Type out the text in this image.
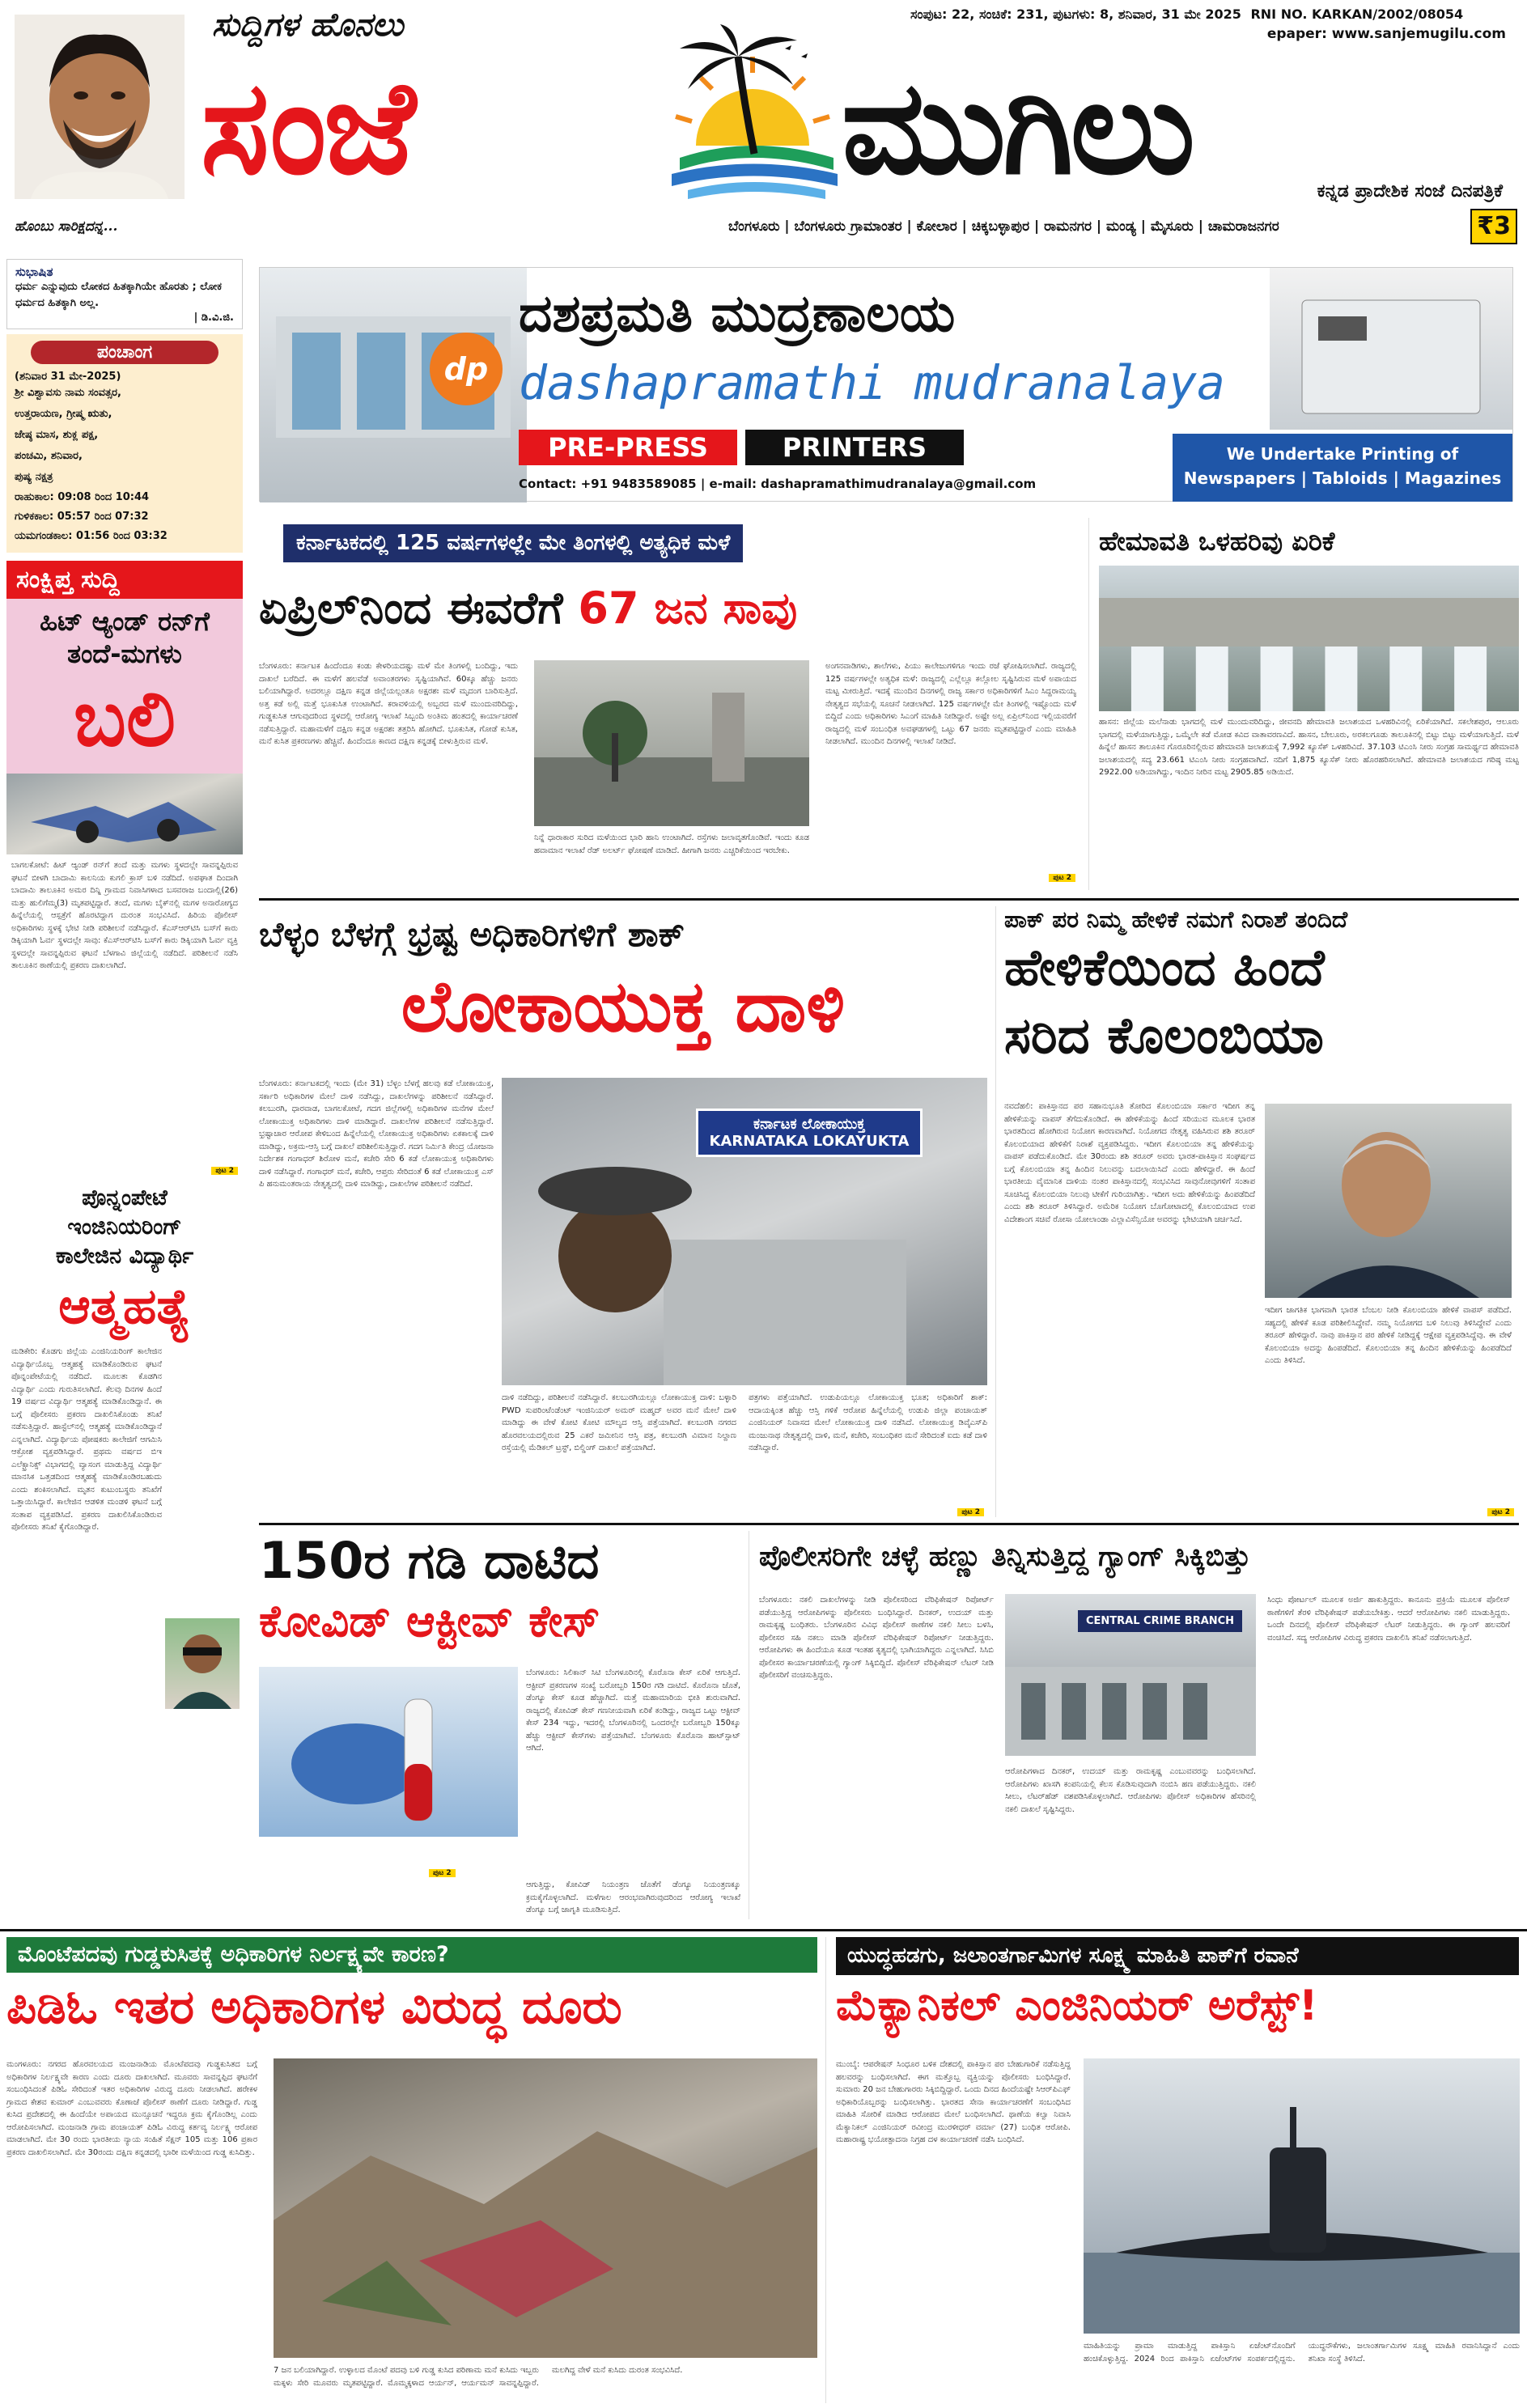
ಹೊಂಬು ಸಾರಿಕ್ಷದನ್ನ...
ಸುದ್ದಿಗಳ ಹೊನಲು
ಸಂಜೆ	ಮುಗಿಲು
ಸಂಪುಟ: 22, ಸಂಚಿಕೆ: 231, ಪುಟಗಳು: 8, ಶನಿವಾರ, 31 ಮೇ 2025 RNI NO. KARKAN/2002/08054
epaper: www.sanjemugilu.com
ಕನ್ನಡ ಪ್ರಾದೇಶಿಕ ಸಂಜೆ ದಿನಪತ್ರಿಕೆ
ಬೆಂಗಳೂರು | ಬೆಂಗಳೂರು ಗ್ರಾಮಾಂತರ | ಕೋಲಾರ | ಚಿಕ್ಕಬಳ್ಳಾಪುರ | ರಾಮನಗರ | ಮಂಡ್ಯ | ಮೈಸೂರು | ಚಾಮರಾಜನಗರ	₹3
ಸುಭಾಷಿತ
ಧರ್ಮ ಎನ್ನುವುದು ಲೋಕದ ಹಿತಕ್ಕಾಗಿಯೇ ಹೊರತು ; ಲೋಕ ಧರ್ಮದ ಹಿತಕ್ಕಾಗಿ ಅಲ್ಲ.
| ಡಿ.ವಿ.ಜಿ.
ಪಂಚಾಂಗ
(ಶನಿವಾರ 31 ಮೇ-2025)
ಶ್ರೀ ವಿಶ್ವಾವಸು ನಾಮ ಸಂವತ್ಸರ,
ಉತ್ತರಾಯಣ, ಗ್ರೀಷ್ಮ ಋತು,
ಜೇಷ್ಠ ಮಾಸ, ಶುಕ್ಲ ಪಕ್ಷ,
ಪಂಚಮಿ, ಶನಿವಾರ,
ಪುಷ್ಯ ನಕ್ಷತ್ರ
ರಾಹುಕಾಲ: 09:08 ರಿಂದ 10:44
ಗುಳಿಕಕಾಲ: 05:57 ರಿಂದ 07:32
ಯಮಗಂಡಕಾಲ: 01:56 ರಿಂದ 03:32
ಸಂಕ್ಷಿಪ್ತ ಸುದ್ದಿ
ಹಿಟ್ ಆ್ಯಂಡ್ ರನ್‌ಗೆ
ತಂದೆ-ಮಗಳು
ಬಲಿ
ಬಾಗಲಕೋಟೆ: ಹಿಟ್ ಆ್ಯಂಡ್ ರನ್‌ಗೆ ತಂದೆ ಮತ್ತು ಮಗಳು ಸ್ಥಳದಲ್ಲೇ ಸಾವನ್ನಪ್ಪಿರುವ ಘಟನೆ ಬೀಳಗಿ ಬಾದಾಮಿ ಕಾಲನಿಯ ಕುಗಲಿ ಕ್ರಾಸ್ ಬಳಿ ನಡೆದಿದೆ. ಅಪಘಾತ ದಿಂದಾಗಿ ಬಾದಾಮಿ ತಾಲೂಕಿನ ಅಮರ ದಿನ್ನಿ ಗ್ರಾಮದ ನಿವಾಸಿಗಳಾದ ಬಸವರಾಜ ಬಂದಾಲ್ಲಿ(26) ಮತ್ತು ಹುಲಿಗೆಮ್ಮ(3) ಮೃತಪಟ್ಟಿದ್ದಾರೆ. ತಂದೆ, ಮಗಳು ಬೈಕ್‌ನಲ್ಲಿ ಮಗಳ ಅನಾರೋಗ್ಯದ ಹಿನ್ನೆಲೆಯಲ್ಲಿ ಆಸ್ಪತ್ರೆಗೆ ಹೊರಟಿದ್ದಾಗ ದುರಂತ ಸಂಭವಿಸಿದೆ. ಹಿರಿಯ ಪೊಲೀಸ್ ಅಧಿಕಾರಿಗಳು ಸ್ಥಳಕ್ಕೆ ಭೇಟಿ ನೀಡಿ ಪರಿಶೀಲನೆ ನಡೆಸಿದ್ದಾರೆ. ಕೆಎಸ್‌ಆರ್‌ಟಿಸಿ ಬಸ್‌ಗೆ ಕಾರು ಡಿಕ್ಕಿಯಾಗಿ ಓರ್ವ ಸ್ಥಳದಲ್ಲೇ ಸಾವು: ಕೆಎಸ್‌ಆರ್‌ಟಿಸಿ ಬಸ್‌ಗೆ ಕಾರು ಡಿಕ್ಕಿಯಾಗಿ ಓರ್ವ ವ್ಯಕ್ತಿ ಸ್ಥಳದಲ್ಲೇ ಸಾವನ್ನಪ್ಪಿರುವ ಘಟನೆ ಬೆಳಗಾವಿ ಜಿಲ್ಲೆಯಲ್ಲಿ ನಡೆದಿದೆ. ಪರಿಶೀಲನೆ ನಡೆಸಿ ತಾಲೂಕಿನ ಠಾಣೆಯಲ್ಲಿ ಪ್ರಕರಣ ದಾಖಲಾಗಿದೆ.
ಪುಟ 2
ಪೊನ್ನಂಪೇಟೆ
ಇಂಜಿನಿಯರಿಂಗ್
ಕಾಲೇಜಿನ ವಿದ್ಯಾರ್ಥಿ
ಆತ್ಮಹತ್ಯೆ
ಮಡಿಕೇರಿ: ಕೊಡಗು ಜಿಲ್ಲೆಯ ಎಂಜಿನಿಯರಿಂಗ್ ಕಾಲೇಜಿನ ವಿದ್ಯಾರ್ಥಿಯೊಬ್ಬ ಆತ್ಮಹತ್ಯೆ ಮಾಡಿಕೊಂಡಿರುವ ಘಟನೆ ಪೊನ್ನಂಪೇಟೆಯಲ್ಲಿ ನಡೆದಿದೆ. ಮೂಲತಃ ಕೊಡಗಿನ ವಿದ್ಯಾರ್ಥಿ ಎಂದು ಗುರುತಿಸಲಾಗಿದೆ. ಕೆಲವು ದಿನಗಳ ಹಿಂದೆ 19 ವರ್ಷದ ವಿದ್ಯಾರ್ಥಿ ಆತ್ಮಹತ್ಯೆ ಮಾಡಿಕೊಂಡಿದ್ದಾನೆ. ಈ ಬಗ್ಗೆ ಪೊಲೀಸರು ಪ್ರಕರಣ ದಾಖಲಿಸಿಕೊಂಡು ತನಿಖೆ ನಡೆಸುತ್ತಿದ್ದಾರೆ. ಹಾಸ್ಟೆಲ್‌ನಲ್ಲಿ ಆತ್ಮಹತ್ಯೆ ಮಾಡಿಕೊಂಡಿದ್ದಾನೆ ಎನ್ನಲಾಗಿದೆ. ವಿದ್ಯಾರ್ಥಿಯ ಪೋಷಕರು ಕಾಲೇಜಿಗೆ ಆಗಮಿಸಿ ಆಕ್ರೋಶ ವ್ಯಕ್ತಪಡಿಸಿದ್ದಾರೆ. ಪ್ರಥಮ ವರ್ಷದ ಬಿಇ ಎಲೆಕ್ಟ್ರಾನಿಕ್ಸ್ ವಿಭಾಗದಲ್ಲಿ ವ್ಯಾಸಂಗ ಮಾಡುತ್ತಿದ್ದ ವಿದ್ಯಾರ್ಥಿ ಮಾನಸಿಕ ಒತ್ತಡದಿಂದ ಆತ್ಮಹತ್ಯೆ ಮಾಡಿಕೊಂಡಿರಬಹುದು ಎಂದು ಶಂಕಿಸಲಾಗಿದೆ. ಮೃತನ ಕುಟುಂಬಸ್ಥರು ತನಿಖೆಗೆ ಒತ್ತಾಯಿಸಿದ್ದಾರೆ. ಕಾಲೇಜಿನ ಆಡಳಿತ ಮಂಡಳಿ ಘಟನೆ ಬಗ್ಗೆ ಸಂತಾಪ ವ್ಯಕ್ತಪಡಿಸಿದೆ. ಪ್ರಕರಣ ದಾಖಲಿಸಿಕೊಂಡಿರುವ ಪೊಲೀಸರು ತನಿಖೆ ಕೈಗೊಂಡಿದ್ದಾರೆ.
dp
ದಶಪ್ರಮತಿ ಮುದ್ರಣಾಲಯ
dashapramathi mudranalaya
PRE-PRESS	PRINTERS
Contact: +91 9483589085 | e-mail: dashapramathimudranalaya@gmail.com
We Undertake Printing of
Newspapers | Tabloids | Magazines
ಕರ್ನಾಟಕದಲ್ಲಿ 125 ವರ್ಷಗಳಲ್ಲೇ ಮೇ ತಿಂಗಳಲ್ಲಿ ಅತ್ಯಧಿಕ ಮಳೆ
ಏಪ್ರಿಲ್‌ನಿಂದ ಈವರೆಗೆ 67 ಜನ ಸಾವು
ಬೆಂಗಳೂರು: ಕರ್ನಾಟಕ ಹಿಂದೆಂದೂ ಕಂಡು ಕೇಳರಿಯದಷ್ಟು ಮಳೆ ಮೇ ತಿಂಗಳಲ್ಲಿ ಬಂದಿದ್ದು, ಇದು ದಾಖಲೆ ಬರೆದಿದೆ. ಈ ಮಳೆಗೆ ಹಲವೆಡೆ ಅವಾಂತರಗಳು ಸೃಷ್ಟಿಯಾಗಿವೆ. 60ಕ್ಕೂ ಹೆಚ್ಚು ಜನರು ಬಲಿಯಾಗಿದ್ದಾರೆ. ಅದರಲ್ಲೂ ದಕ್ಷಿಣ ಕನ್ನಡ ಜಿಲ್ಲೆಯಲ್ಲಂತೂ ಅಕ್ಷರಶಃ ಮಳೆ ಮೃದಂಗ ಬಾರಿಸುತ್ತಿದೆ. ಅತ್ತ ಕಡೆ ಅಲ್ಲಿ ಮತ್ತೆ ಭೂಕುಸಿತ ಉಂಟಾಗಿದೆ. ಕರಾವಳಿಯಲ್ಲಿ ಅಬ್ಬರದ ಮಳೆ ಮುಂದುವರಿದಿದ್ದು, ಗುಡ್ಡಕುಸಿತ ಆಗುವುದರಿಂದ ಸ್ಥಳದಲ್ಲಿ ಆರೋಗ್ಯ ಇಲಾಖೆ ಸಿಬ್ಬಂದಿ ಅಂತಿಮ ಹಂತದಲ್ಲಿ ಕಾರ್ಯಾಚರಣೆ ನಡೆಸುತ್ತಿದ್ದಾರೆ. ಮಹಾಮಳೆಗೆ ದಕ್ಷಿಣ ಕನ್ನಡ ಅಕ್ಷರಶಃ ತತ್ತರಿಸಿ ಹೋಗಿದೆ. ಭೂಕುಸಿತ, ಗೋಡೆ ಕುಸಿತ, ಮನೆ ಕುಸಿತ ಪ್ರಕರಣಗಳು ಹೆಚ್ಚಿವೆ. ಹಿಂದೆಂದೂ ಕಾಣದ ದಕ್ಷಿಣ ಕನ್ನಡಕ್ಕೆ ಬೀಳುತ್ತಿರುವ ಮಳೆ.
ನಿನ್ನೆ ಧಾರಾಕಾರ ಸುರಿದ ಮಳೆಯಿಂದ ಭಾರಿ ಹಾನಿ ಉಂಟಾಗಿದೆ. ರಸ್ತೆಗಳು ಜಲಾವೃತಗೊಂಡಿವೆ. ಇಂದು ಕೂಡ ಹವಾಮಾನ ಇಲಾಖೆ ರೆಡ್ ಅಲರ್ಟ್ ಘೋಷಣೆ ಮಾಡಿದೆ. ಹೀಗಾಗಿ ಜನರು ಎಚ್ಚರಿಕೆಯಿಂದ ಇರಬೇಕು.
ಅಂಗನವಾಡಿಗಳು, ಶಾಲೆಗಳು, ಪಿಯು ಕಾಲೇಜುಗಳಿಗೂ ಇಂದು ರಜೆ ಘೋಷಿಸಲಾಗಿದೆ. ರಾಜ್ಯದಲ್ಲಿ 125 ವರ್ಷಗಳಲ್ಲೇ ಅತ್ಯಧಿಕ ಮಳೆ: ರಾಜ್ಯದಲ್ಲಿ ಎಲ್ಲೆಲ್ಲೂ ಕಲ್ಲೋಲ ಸೃಷ್ಟಿಸಿರುವ ಮಳೆ ಅಪಾಯದ ಮಟ್ಟ ಮೀರುತ್ತಿದೆ. ಇದಕ್ಕೆ ಮುಂದಿನ ದಿನಗಳಲ್ಲಿ ರಾಜ್ಯ ಸರ್ಕಾರ ಅಧಿಕಾರಿಗಳಿಗೆ ಸಿಎಂ ಸಿದ್ದರಾಮಯ್ಯ ನೇತೃತ್ವದ ಸಭೆಯಲ್ಲಿ ಸೂಚನೆ ನೀಡಲಾಗಿದೆ. 125 ವರ್ಷಗಳಲ್ಲೇ ಮೇ ತಿಂಗಳಲ್ಲಿ ಇಷ್ಟೊಂದು ಮಳೆ ಬಿದ್ದಿದೆ ಎಂದು ಅಧಿಕಾರಿಗಳು ಸಿಎಂಗೆ ಮಾಹಿತಿ ನೀಡಿದ್ದಾರೆ. ಅಷ್ಟೇ ಅಲ್ಲ ಏಪ್ರಿಲ್‌ನಿಂದ ಇಲ್ಲಿಯವರೆಗೆ ರಾಜ್ಯದಲ್ಲಿ ಮಳೆ ಸಂಬಂಧಿತ ಅವಘಡಗಳಲ್ಲಿ ಒಟ್ಟು 67 ಜನರು ಮೃತಪಟ್ಟಿದ್ದಾರೆ ಎಂದು ಮಾಹಿತಿ ನೀಡಲಾಗಿದೆ. ಮುಂದಿನ ದಿನಗಳಲ್ಲಿ ಇಲಾಖೆ ನೀಡಿದೆ.
ಪುಟ 2
ಹೇಮಾವತಿ ಒಳಹರಿವು ಏರಿಕೆ
ಹಾಸನ: ಜಿಲ್ಲೆಯ ಮಲೆನಾಡು ಭಾಗದಲ್ಲಿ ಮಳೆ ಮುಂದುವರಿದಿದ್ದು, ಜೀವನದಿ ಹೇಮಾವತಿ ಜಲಾಶಯದ ಒಳಹರಿವಿನಲ್ಲಿ ಏರಿಕೆಯಾಗಿದೆ. ಸಕಲೇಶಪುರ, ಆಲೂರು ಭಾಗದಲ್ಲಿ ಮಳೆಯಾಗುತ್ತಿದ್ದು, ಒಮ್ಮೆಲೇ ಕಡೆ ಮೋಡ ಕವಿದ ವಾತಾವರಣವಿದೆ. ಹಾಸನ, ಬೇಲೂರು, ಅರಕಲಗೂಡು ತಾಲೂಕಿನಲ್ಲಿ ಬಿಟ್ಟು ಬಿಟ್ಟು ಮಳೆಯಾಗುತ್ತಿದೆ. ಮಳೆ ಹಿನ್ನೆಲೆ ಹಾಸನ ತಾಲೂಕಿನ ಗೊರೂರಿನಲ್ಲಿರುವ ಹೇಮಾವತಿ ಜಲಾಶಯಕ್ಕೆ 7,992 ಕ್ಯೂಸೆಕ್ ಒಳಹರಿವಿದೆ. 37.103 ಟಿಎಂಸಿ ನೀರು ಸಂಗ್ರಹ ಸಾಮರ್ಥ್ಯದ ಹೇಮಾವತಿ ಜಲಾಶಯದಲ್ಲಿ ಸದ್ಯ 23.661 ಟಿಎಂಸಿ ನೀರು ಸಂಗ್ರಹವಾಗಿದೆ. ನದಿಗೆ 1,875 ಕ್ಯೂಸೆಕ್ ನೀರು ಹೊರಹರಿಸಲಾಗಿದೆ. ಹೇಮಾವತಿ ಜಲಾಶಯದ ಗರಿಷ್ಠ ಮಟ್ಟ 2922.00 ಅಡಿಯಾಗಿದ್ದು, ಇಂದಿನ ನೀರಿನ ಮಟ್ಟ 2905.85 ಅಡಿಯಿದೆ.
ಬೆಳ್ಳಂ ಬೆಳಗ್ಗೆ ಭ್ರಷ್ಟ ಅಧಿಕಾರಿಗಳಿಗೆ ಶಾಕ್
ಲೋಕಾಯುಕ್ತ ದಾಳಿ
ಬೆಂಗಳೂರು: ಕರ್ನಾಟಕದಲ್ಲಿ ಇಂದು (ಮೇ 31) ಬೆಳ್ಳಂ ಬೆಳಗ್ಗೆ ಹಲವು ಕಡೆ ಲೋಕಾಯುಕ್ತ, ಸರ್ಕಾರಿ ಅಧಿಕಾರಿಗಳ ಮೇಲೆ ದಾಳಿ ನಡೆಸಿದ್ದು, ದಾಖಲೆಗಳನ್ನು ಪರಿಶೀಲನೆ ನಡೆಸಿದ್ದಾರೆ. ಕಲಬುರಗಿ, ಧಾರವಾಡ, ಬಾಗಲಕೋಟೆ, ಗದಗ ಜಿಲ್ಲೆಗಳಲ್ಲಿ ಅಧಿಕಾರಿಗಳ ಮನೆಗಳ ಮೇಲೆ ಲೋಕಾಯುಕ್ತ ಅಧಿಕಾರಿಗಳು ದಾಳಿ ಮಾಡಿದ್ದಾರೆ. ದಾಖಲೆಗಳ ಪರಿಶೀಲನೆ ನಡೆಸುತ್ತಿದ್ದಾರೆ. ಭ್ರಷ್ಟಾಚಾರ ಆರೋಪ ಕೇಳಿಬಂದ ಹಿನ್ನೆಲೆಯಲ್ಲಿ ಲೋಕಾಯುಕ್ತ ಅಧಿಕಾರಿಗಳು ಏಕಕಾಲಕ್ಕೆ ದಾಳಿ ಮಾಡಿದ್ದು, ಅಕ್ರಮ-ಆಸ್ತಿ ಬಗ್ಗೆ ದಾಖಲೆ ಪರಿಶೀಲಿಸುತ್ತಿದ್ದಾರೆ. ಗದಗ ನಿರ್ಮಿತಿ ಕೇಂದ್ರ ಯೋಜನಾ ನಿರ್ದೇಶಕ ಗಂಗಾಧರ್ ಶಿರೋಳ ಮನೆ, ಕಚೇರಿ ಸೇರಿ 6 ಕಡೆ ಲೋಕಾಯುಕ್ತ ಅಧಿಕಾರಿಗಳು ದಾಳಿ ನಡೆಸಿದ್ದಾರೆ. ಗಂಗಾಧರ್ ಮನೆ, ಕಚೇರಿ, ಆಪ್ತರು ಸೇರಿದಂತೆ 6 ಕಡೆ ಲೋಕಾಯುಕ್ತ ಎಸ್ ಪಿ ಹನುಮಂತರಾಯ ನೇತೃತ್ವದಲ್ಲಿ ದಾಳಿ ಮಾಡಿದ್ದು, ದಾಖಲೆಗಳ ಪರಿಶೀಲನೆ ನಡೆದಿದೆ.
ಕರ್ನಾಟಕ ಲೋಕಾಯುಕ್ತ
KARNATAKA LOKAYUKTA
ದಾಳಿ ನಡೆದಿದ್ದು, ಪರಿಶೀಲನೆ ನಡೆಸಿದ್ದಾರೆ. ಕಲಬುರಗಿಯಲ್ಲೂ ಲೋಕಾಯುಕ್ತ ದಾಳಿ: ಬಳ್ಳಾರಿ PWD ಸುಪರಿಂಟೆಂಡೆಂಟ್ ಇಂಜಿನಿಯರ್ ಅಮರ್ ಮಹ್ಮದ್ ಅವರ ಮನೆ ಮೇಲೆ ದಾಳಿ ಮಾಡಿದ್ದು ಈ ವೇಳೆ ಕೋಟಿ ಕೋಟಿ ಮೌಲ್ಯದ ಆಸ್ತಿ ಪತ್ತೆಯಾಗಿದೆ. ಕಲಬುರಗಿ ನಗರದ ಹೊರವಲಯದಲ್ಲಿರುವ 25 ಎಕರೆ ಜಮೀನಿನ ಆಸ್ತಿ ಪತ್ರ, ಕಲಬುರಗಿ ವಿಮಾನ ನಿಲ್ದಾಣ ರಸ್ತೆಯಲ್ಲಿ ಮೆಡಿಕಲ್ ಟ್ರಸ್ಟ್, ಬಿಲ್ಡಿಂಗ್ ದಾಖಲೆ ಪತ್ತೆಯಾಗಿದೆ.
ಪತ್ರಗಳು ಪತ್ತೆಯಾಗಿದೆ. ಉಡುಪಿಯಲ್ಲೂ ಲೋಕಾಯುಕ್ತ ಭೂತ; ಅಧಿಕಾರಿಗೆ ಶಾಕ್: ಆದಾಯಕ್ಕಿಂತ ಹೆಚ್ಚು ಆಸ್ತಿ ಗಳಿಕೆ ಆರೋಪ ಹಿನ್ನೆಲೆಯಲ್ಲಿ ಉಡುಪಿ ಜಿಲ್ಲಾ ಪಂಚಾಯತ್ ಎಂಜಿನಿಯರ್ ನಿವಾಸದ ಮೇಲೆ ಲೋಕಾಯುಕ್ತ ದಾಳಿ ನಡೆಸಿದೆ. ಲೋಕಾಯುಕ್ತ ಡಿವೈಎಸ್‌ಪಿ ಮಂಜುನಾಥ ನೇತೃತ್ವದಲ್ಲಿ ದಾಳಿ, ಮನೆ, ಕಚೇರಿ, ಸಂಬಂಧಿಕರ ಮನೆ ಸೇರಿದಂತೆ ಐದು ಕಡೆ ದಾಳಿ ನಡೆಸಿದ್ದಾರೆ.
ಪುಟ 2
ಪಾಕ್ ಪರ ನಿಮ್ಮ ಹೇಳಿಕೆ ನಮಗೆ ನಿರಾಶೆ ತಂದಿದೆ
ಹೇಳಿಕೆಯಿಂದ ಹಿಂದೆ
ಸರಿದ ಕೊಲಂಬಿಯಾ
ನವದೆಹಲಿ: ಪಾಕಿಸ್ತಾನದ ಪರ ಸಹಾನುಭೂತಿ ತೋರಿದ ಕೊಲಂಬಿಯಾ ಸರ್ಕಾರ ಇದೀಗ ತನ್ನ ಹೇಳಿಕೆಯನ್ನು ವಾಪಸ್ ತೆಗೆದುಕೊಂಡಿದೆ. ಈ ಹೇಳಿಕೆಯನ್ನು ಹಿಂದೆ ಸರಿಯುವ ಮೂಲಕ ಭಾರತ ಭಾರತದಿಂದ ಹೋಗಿರುವ ನಿಯೋಗ ಕಾರಣವಾಗಿದೆ. ನಿಯೋಗದ ನೇತೃತ್ವ ವಹಿಸಿರುವ ಶಶಿ ತರೂರ್ ಕೊಲಂಬಿಯಾದ ಹೇಳಿಕೆಗೆ ನಿರಾಶೆ ವ್ಯಕ್ತಪಡಿಸಿದ್ದರು. ಇದೀಗ ಕೊಲಂಬಿಯಾ ತನ್ನ ಹೇಳಿಕೆಯನ್ನು ವಾಪಸ್ ಪಡೆದುಕೊಂಡಿದೆ. ಮೇ 30ರಂದು ಶಶಿ ತರೂರ್ ಅವರು ಭಾರತ-ಪಾಕಿಸ್ತಾನ ಸಂಘರ್ಷದ ಬಗ್ಗೆ ಕೊಲಂಬಿಯಾ ತನ್ನ ಹಿಂದಿನ ನಿಲುವನ್ನು ಬದಲಾಯಿಸಿದೆ ಎಂದು ಹೇಳಿದ್ದಾರೆ. ಈ ಹಿಂದೆ ಭಾರತೀಯ ವೈಮಾನಿಕ ದಾಳಿಯ ನಂತರ ಪಾಕಿಸ್ತಾನದಲ್ಲಿ ಸಂಭವಿಸಿದ ಸಾವುನೋವುಗಳಿಗೆ ಸಂತಾಪ ಸೂಚಿಸಿದ್ದ ಕೊಲಂಬಿಯಾ ನಿಲುವು ಟೀಕೆಗೆ ಗುರಿಯಾಗಿತ್ತು. ಇದೀಗ ಅದು ಹೇಳಿಕೆಯನ್ನು ಹಿಂಪಡೆದಿದೆ ಎಂದು ಶಶಿ ತರೂರ್ ತಿಳಿಸಿದ್ದಾರೆ. ಅಮೆರಿಕ ನಿಯೋಗ ಬೊಗೋಟಾದಲ್ಲಿ ಕೊಲಂಬಿಯಾದ ಉಪ ವಿದೇಶಾಂಗ ಸಚಿವೆ ರೋಸಾ ಯೋಲಾಂಡಾ ವಿಲ್ಲಾವಿಸೆನ್ಸಿಯೋ ಅವರನ್ನು ಭೇಟಿಯಾಗಿ ಚರ್ಚಿಸಿದೆ.
ಇದೀಗ ಜಾಗತಿಕ ಭಾಗವಾಗಿ ಭಾರತ ಬೆಂಬಲ ನೀಡಿ ಕೊಲಂಬಿಯಾ ಹೇಳಿಕೆ ವಾಪಸ್ ಪಡೆದಿದೆ. ಸಹ್ಯದಲ್ಲಿ ಹೇಳಿಕೆ ಕೂಡ ಪರಿಶೀಲಿಸಿದ್ದೇವೆ. ನಮ್ಮ ನಿಯೋಗದ ಬಳಿ ನಿಲುವು ತಿಳಿಸಿದ್ದೇವೆ ಎಂದು ತರೂರ್ ಹೇಳಿದ್ದಾರೆ. ನಾವು ಪಾಕಿಸ್ತಾನ ಪರ ಹೇಳಿಕೆ ನೀಡಿದ್ದಕ್ಕೆ ಆಕ್ಷೇಪ ವ್ಯಕ್ತಪಡಿಸಿದ್ದೆವು. ಈ ವೇಳೆ ಕೊಲಂಬಿಯಾ ಅದನ್ನು ಹಿಂಪಡೆದಿದೆ. ಕೊಲಂಬಿಯಾ ತನ್ನ ಹಿಂದಿನ ಹೇಳಿಕೆಯನ್ನು ಹಿಂಪಡೆದಿದೆ ಎಂದು ತಿಳಿಸಿದೆ.
ಪುಟ 2
150ರ ಗಡಿ ದಾಟಿದ
ಕೋವಿಡ್ ಆಕ್ಟೀವ್ ಕೇಸ್
ಬೆಂಗಳೂರು: ಸಿಲಿಕಾನ್ ಸಿಟಿ ಬೆಂಗಳೂರಿನಲ್ಲಿ ಕೊರೊನಾ ಕೇಸ್ ಏರಿಕೆ ಆಗುತ್ತಿದೆ. ಆಕ್ಟೀವ್ ಪ್ರಕರಣಗಳ ಸಂಖ್ಯೆ ಬರೋಬ್ಬರಿ 150ರ ಗಡಿ ದಾಟಿದೆ. ಕೊರೊನಾ ಜೊತೆ, ಡೆಂಗ್ಯೂ ಕೇಸ್ ಕೂಡ ಹೆಚ್ಚಾಗಿದೆ. ಮತ್ತೆ ಮಹಾಮಾರಿಯ ಭೀತಿ ಶುರುವಾಗಿದೆ. ರಾಜ್ಯದಲ್ಲಿ ಕೋವಿಡ್ ಕೇಸ್ ಗಣನೀಯವಾಗಿ ಏರಿಕೆ ಕಂಡಿದ್ದು, ರಾಜ್ಯದ ಒಟ್ಟು ಆಕ್ಟೀವ್ ಕೇಸ್ 234 ಇದ್ದು, ಇದರಲ್ಲಿ ಬೆಂಗಳೂರಿನಲ್ಲಿ ಒಂದರಲ್ಲೇ ಬರೋಬ್ಬರಿ 150ಕ್ಕೂ ಹೆಚ್ಚು ಆಕ್ಟೀವ್ ಕೇಸ್‌ಗಳು ಪತ್ತೆಯಾಗಿವೆ. ಬೆಂಗಳೂರು ಕೊರೊನಾ ಹಾಟ್‌ಸ್ಪಾಟ್ ಆಗಿದೆ.
ಆಗುತ್ತಿದ್ದು, ಕೋವಿಡ್ ನಿಯಂತ್ರಣ ಜೊತೆಗೆ ಡೆಂಗ್ಯೂ ನಿಯಂತ್ರಣಕ್ಕೂ ಕ್ರಮಕೈಗೊಳ್ಳಲಾಗಿದೆ. ಮಳೆಗಾಲ ಆರಂಭವಾಗಿರುವುದರಿಂದ ಆರೋಗ್ಯ ಇಲಾಖೆ ಡೆಂಗ್ಯೂ ಬಗ್ಗೆ ಜಾಗೃತಿ ಮೂಡಿಸುತ್ತಿದೆ.
ಪುಟ 2
ಪೊಲೀಸರಿಗೇ ಚಳ್ಳೆ ಹಣ್ಣು ತಿನ್ನಿಸುತ್ತಿದ್ದ ಗ್ಯಾಂಗ್ ಸಿಕ್ಕಿಬಿತ್ತು
ಬೆಂಗಳೂರು: ನಕಲಿ ದಾಖಲೆಗಳನ್ನು ನೀಡಿ ಪೊಲೀಸರಿಂದ ವೆರಿಫಿಕೇಷನ್ ರಿಪೋರ್ಟ್ ಪಡೆಯುತ್ತಿದ್ದ ಆರೋಪಿಗಳನ್ನು ಪೊಲೀಸರು ಬಂಧಿಸಿದ್ದಾರೆ. ದಿನಕರ್, ಉದಯ್ ಮತ್ತು ರಾಮಕೃಷ್ಣ ಬಂಧಿತರು. ಬೆಂಗಳೂರಿನ ವಿವಿಧ ಪೊಲೀಸ್ ಠಾಣೆಗಳ ನಕಲಿ ಸೀಲು ಬಳಸಿ, ಪೊಲೀಸರ ಸಹಿ ನಕಲು ಮಾಡಿ ಪೊಲೀಸ್ ವೆರಿಫಿಕೇಷನ್ ರಿಪೋರ್ಟ್ ನೀಡುತ್ತಿದ್ದರು. ಆರೋಪಿಗಳು ಈ ಹಿಂದೆಯೂ ಕೂಡ ಇಂತಹ ಕೃತ್ಯದಲ್ಲಿ ಭಾಗಿಯಾಗಿದ್ದರು ಎನ್ನಲಾಗಿದೆ. ಸಿಸಿಬಿ ಪೊಲೀಸರ ಕಾರ್ಯಾಚರಣೆಯಲ್ಲಿ ಗ್ಯಾಂಗ್ ಸಿಕ್ಕಿಬಿದ್ದಿದೆ. ಪೊಲೀಸ್ ವೆರಿಫಿಕೇಷನ್ ಲೆಟರ್ ನೀಡಿ ಪೊಲೀಸರಿಗೆ ವಂಚಿಸುತ್ತಿದ್ದರು.
CENTRAL CRIME BRANCH
ಆರೋಪಿಗಳಾದ ದಿನಕರ್, ಉದಯ್ ಮತ್ತು ರಾಮಕೃಷ್ಣ ಎಂಬುವವರನ್ನು ಬಂಧಿಸಲಾಗಿದೆ. ಆರೋಪಿಗಳು ಖಾಸಗಿ ಕಂಪನಿಯಲ್ಲಿ ಕೆಲಸ ಕೊಡಿಸುವುದಾಗಿ ನಂಬಿಸಿ ಹಣ ಪಡೆಯುತ್ತಿದ್ದರು. ನಕಲಿ ಸೀಲು, ಲೆಟರ್‌ಹೆಡ್ ವಶಪಡಿಸಿಕೊಳ್ಳಲಾಗಿದೆ. ಆರೋಪಿಗಳು ಪೊಲೀಸ್ ಅಧಿಕಾರಿಗಳ ಹೆಸರಿನಲ್ಲಿ ನಕಲಿ ದಾಖಲೆ ಸೃಷ್ಟಿಸಿದ್ದರು.
ಸಿಂಧು ಪೋರ್ಟಲ್ ಮೂಲಕ ಅರ್ಜಿ ಹಾಕುತ್ತಿದ್ದರು. ಕಾನೂನು ಪ್ರಕ್ರಿಯೆ ಮೂಲಕ ಪೊಲೀಸ್ ಠಾಣೆಗಳಿಗೆ ತೆರಳಿ ವೆರಿಫಿಕೇಷನ್ ಪಡೆಯಬೇಕಿತ್ತು. ಆದರೆ ಆರೋಪಿಗಳು ನಕಲಿ ಮಾಡುತ್ತಿದ್ದರು. ಒಂದೇ ದಿನದಲ್ಲಿ ಪೊಲೀಸ್ ವೆರಿಫಿಕೇಷನ್ ಲೆಟರ್ ನೀಡುತ್ತಿದ್ದರು. ಈ ಗ್ಯಾಂಗ್ ಹಲವರಿಗೆ ವಂಚಿಸಿದೆ. ಸದ್ಯ ಆರೋಪಿಗಳ ವಿರುದ್ಧ ಪ್ರಕರಣ ದಾಖಲಿಸಿ ತನಿಖೆ ನಡೆಸಲಾಗುತ್ತಿದೆ.
ಮೊಂಟೆಪದವು ಗುಡ್ಡಕುಸಿತಕ್ಕೆ ಅಧಿಕಾರಿಗಳ ನಿರ್ಲಕ್ಷ್ಯವೇ ಕಾರಣ?
ಪಿಡಿಓ ಇತರ ಅಧಿಕಾರಿಗಳ ವಿರುದ್ಧ ದೂರು
ಮಂಗಳೂರು: ನಗರದ ಹೊರವಲಯದ ಮಂಜನಾಡಿಯ ಮೊಂಟೆಪದವು ಗುಡ್ಡಕುಸಿತದ ಬಗ್ಗೆ ಅಧಿಕಾರಿಗಳ ನಿರ್ಲಕ್ಷ್ಯವೇ ಕಾರಣ ಎಂದು ದೂರು ದಾಖಲಾಗಿದೆ. ಮೂವರು ಸಾವನ್ನಪ್ಪಿದ ಘಟನೆಗೆ ಸಂಬಂಧಿಸಿದಂತೆ ಪಿಡಿಓ ಸೇರಿದಂತೆ ಇತರ ಅಧಿಕಾರಿಗಳ ವಿರುದ್ಧ ದೂರು ನೀಡಲಾಗಿದೆ. ಹರೇಕಳ ಗ್ರಾಮದ ಕೇಶವ ಕುಮಾರ್ ಎಂಬುವವರು ಕೊಣಾಜೆ ಪೊಲೀಸ್ ಠಾಣೆಗೆ ದೂರು ನೀಡಿದ್ದಾರೆ. ಗುಡ್ಡ ಕುಸಿದ ಪ್ರದೇಶದಲ್ಲಿ ಈ ಹಿಂದೆಯೇ ಅಪಾಯದ ಮುನ್ಸೂಚನೆ ಇದ್ದರೂ ಕ್ರಮ ಕೈಗೊಂಡಿಲ್ಲ ಎಂದು ಆರೋಪಿಸಲಾಗಿದೆ. ಮಂಜನಾಡಿ ಗ್ರಾಮ ಪಂಚಾಯತ್ ಪಿಡಿಓ ವಿರುದ್ಧ ಕರ್ತವ್ಯ ನಿರ್ಲಕ್ಷ್ಯ ಆರೋಪ ಮಾಡಲಾಗಿದೆ. ಮೇ 30 ರಂದು ಭಾರತೀಯ ನ್ಯಾಯ ಸಂಹಿತೆ ಸೆಕ್ಷನ್ 105 ಮತ್ತು 106 ಪ್ರಕಾರ ಪ್ರಕರಣ ದಾಖಲಿಸಲಾಗಿದೆ. ಮೇ 30ರಂದು ದಕ್ಷಿಣ ಕನ್ನಡದಲ್ಲಿ ಭಾರೀ ಮಳೆಯಿಂದ ಗುಡ್ಡ ಕುಸಿದಿತ್ತು.
7 ಜನ ಬಲಿಯಾಗಿದ್ದಾರೆ. ಉಳ್ಳಾಲದ ಮೊಂಟೆ ಪದವು ಬಳಿ ಗುಡ್ಡ ಕುಸಿದ ಪರಿಣಾಮ ಮನೆ ಕುಸಿದು ಇಬ್ಬರು ಮಕ್ಕಳು ಸೇರಿ ಮೂವರು ಮೃತಪಟ್ಟಿದ್ದಾರೆ. ಮೊಮ್ಮಕ್ಕಳಾದ ಆರ್ಯನ್, ಆರ್ಯಮನ್ ಸಾವನ್ನಪ್ಪಿದ್ದಾರೆ. ಮಲಗಿದ್ದ ವೇಳೆ ಮನೆ ಕುಸಿದು ದುರಂತ ಸಂಭವಿಸಿದೆ.
ಯುದ್ಧಹಡಗು, ಜಲಾಂತರ್ಗಾಮಿಗಳ ಸೂಕ್ಷ್ಮ ಮಾಹಿತಿ ಪಾಕ್‌ಗೆ ರವಾನೆ
ಮೆಕ್ಯಾನಿಕಲ್ ಎಂಜಿನಿಯರ್ ಅರೆಸ್ಟ್!
ಮುಂಬೈ: ಆಪರೇಷನ್ ಸಿಂಧೂರ ಬಳಿಕ ದೇಶದಲ್ಲಿ ಪಾಕಿಸ್ತಾನ ಪರ ಬೇಹುಗಾರಿಕೆ ನಡೆಸುತ್ತಿದ್ದ ಹಲವರನ್ನು ಬಂಧಿಸಲಾಗಿದೆ. ಈಗ ಮತ್ತೊಬ್ಬ ವ್ಯಕ್ತಿಯನ್ನು ಪೊಲೀಸರು ಬಂಧಿಸಿದ್ದಾರೆ. ಸುಮಾರು 20 ಜನ ಬೇಹುಗಾರರು ಸಿಕ್ಕಿಬಿದ್ದಿದ್ದಾರೆ. ಒಂದು ದಿನದ ಹಿಂದೆಯಷ್ಟೇ ಸಿಆರ್‌ಪಿಎಫ್ ಅಧಿಕಾರಿಯೊಬ್ಬರನ್ನು ಬಂಧಿಸಲಾಗಿತ್ತು. ಭಾರತದ ಸೇನಾ ಕಾರ್ಯಾಚರಣೆಗೆ ಸಂಬಂಧಿಸಿದ ಮಾಹಿತಿ ಸೋರಿಕೆ ಮಾಡಿದ ಆರೋಪದ ಮೇಲೆ ಬಂಧಿಸಲಾಗಿದೆ. ಥಾಣೆಯ ಕಲ್ವಾ ನಿವಾಸಿ ಮೆಕ್ಯಾನಿಕಲ್ ಎಂಜಿನಿಯರ್ ರವೀಂದ್ರ ಮುರಳೀಧರ್ ವರ್ಮಾ (27) ಬಂಧಿತ ಆರೋಪಿ. ಮಹಾರಾಷ್ಟ್ರ ಭಯೋತ್ಪಾದನಾ ನಿಗ್ರಹ ದಳ ಕಾರ್ಯಾಚರಣೆ ನಡೆಸಿ ಬಂಧಿಸಿದೆ.
ಮಾಹಿತಿಯನ್ನು ಪ್ರಾಮಾ ಮಾಡುತ್ತಿದ್ದ ಪಾಕಿಸ್ತಾನಿ ಏಜೆಂಟ್‌ನೊಂದಿಗೆ ಹಂಚಿಕೊಳ್ಳುತ್ತಿದ್ದ. 2024 ರಿಂದ ಪಾಕಿಸ್ತಾನಿ ಏಜೆಂಟ್‌ಗಳ ಸಂಪರ್ಕದಲ್ಲಿದ್ದನು. ಯುದ್ಧನೌಕೆಗಳು, ಜಲಾಂತರ್ಗಾಮಿಗಳ ಸೂಕ್ಷ್ಮ ಮಾಹಿತಿ ರವಾನಿಸಿದ್ದಾನೆ ಎಂದು ತನಿಖಾ ಸಂಸ್ಥೆ ತಿಳಿಸಿದೆ.
